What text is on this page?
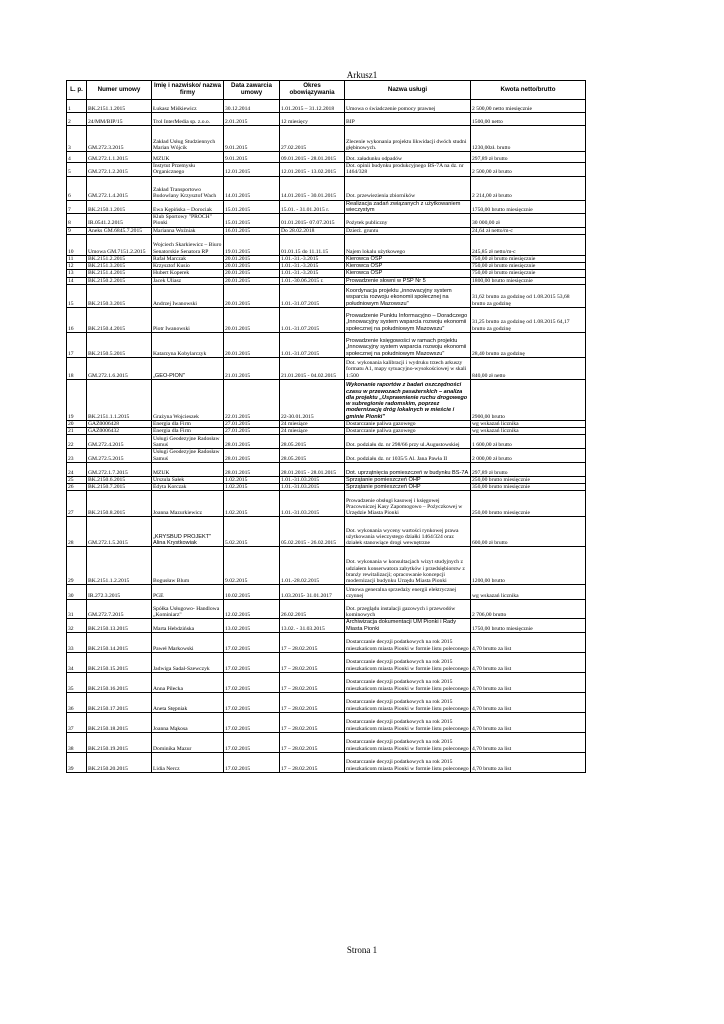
Arkusz1
L. p.	Numer umowy	Imię i nazwisko/ nazwa firmy	Data zawarcia umowy	Okres obowiązywania	Nazwa usługi	Kwota netto/brutto
1	BK.2151.1.2015	Łukasz Miśkiewicz	30.12.2014	1.01.2015 – 31.12.2018	Umowa o świadczenie pomocy prawnej	2 500,00 netto miesięcznie
2	24/MM/BIP/15	Trol InterMedia sp. z.o.o.	2.01.2015	12 miesięcy	BIP	1500,00 netto
3	GM.272.3.2015	Zakład Usług Studziennych Marian Wójcik	9.01.2015	27.02.2015	Zlecenie wykonania projektu likwidacji dwóch studni głębinowych.	1230,00zł. brutto
4	GM.272.1.1.2015	MZUK	9.01.2015	09.01.2015 - 28.01.2015	Dot. załadunku odpadów	297,89 zł brutto
5	GM.272.1.2.2015	Instytut Przemysłu Organicznego	12.01.2015	12.01.2015 - 13.02.2015	Dot. opinii budynku produkcyjnego BS-7A na dz. nr 1464/328	2 500,00 zł brutto
6	GM.272.1.4.2015	Zakład Transportowo Budowlany Krzysztof Wach	14.01.2015	14.01.2015 - 30.01.2015	Dot. przewiezienia zbiorników	2 214,00 zł brutto
7	BK.2150.1.2015	Ewa Kępińska – Dorociak	15.01.2015	15.01. - 31.01.2015 r.	Realizacja zadań związanych z użytkowaniem wieczystym	1750,00 brutto miesięcznie
8	IR.0541.2.2015	Klub Sportowy "PROCH" Pionki	15.01.2015	01.01.2015- 07.07.2015	Pożytek publiczny	30 000,00 zł
9	Aneks GM.6845.7.2015	Marianna Woźniak	16.01.2015	Do 28.02.2018	Dzierż. gruntu	24,64 zł netto/m-c
10	Umowa GM.7151.2.2015	Wojciech Skarkiewicz – Biuro Senatorskie Senatora RP	19.01.2015	01.01.15 do 11.11.15	Najem lokalu użytkowego	245,85 zł netto/m-c
11	BK.2151.2.2015	Rafał Marczak	20.01.2015	1.01.-31.-3.2015	Kierowca OSP	750,00 zł brutto miesięcznie
12	BK.2151.3.2015	Krzysztof Kusio	20.01.2015	1.01.-31.-3.2015	Kierowca OSP	750,00 zł brutto miesięcznie
13	BK.2151.4.2015	Hubert Koperek	20.01.2015	1.01.-31.-3.2015	Kierowca OSP	750,00 zł brutto miesięcznie
14	BK.2150.2.2015	Jacek Uliasz	20.01.2015	1.01.-30.06.2015 r.	Prowadzenie słowni w PSP Nr 5	1800,00 brutto miesięcznie
15	BK.2150.3.2015	Andrzej Iwanowski	20.01.2015	1.01.-31.07.2015	Koordynacja projektu „innowacyjny system wsparcia rozwoju ekonomii społecznej na południowym Mazowszu"	31,62 brutto za godzinę od 1.08.2015 53,68 brutto za godzinę
16	BK.2150.4.2015	Piotr Iwanowski	20.01.2015	1.01.-31.07.2015	Prowadzenie Punktu Informacyjno – Doradczego „Innowacyjny system wsparcia rozwoju ekonomii społecznej na południowym Mazowszu"	31,25 brutto za godzinę od 1.08.2015 64,17 brutto za godzinę
17	BK.2150.5.2015	Katarzyna Kobylarczyk	20.01.2015	1.01.-31.07.2015	Prowadzenie księgowości w ramach projektu „Innowacyjny system wsparcia rozwoju ekonomii społecznej na południowym Mazowszu"	28,40 brutto za godzinę
18	GM.272.1.6.2015	„GEO-PION"	21.01.2015	21.01.2015 - 04.02.2015	Dot. wykonania kalibracji i wydruku trzech arkuszy formatu A1, mapy sytuacyjno-wysokościowej w skali 1:500	840,00 zł netto
19	BK.2151.1.1.2015	Grażyna Wojcieszek	22.01.2015	22-30.01.2015	Wykonanie raportów z badań oszczędności czasu w przewozach pasażerskich – analiza dla projektu „Usprawnienie ruchu drogowego w subregionie radomskim, poprzez modernizację dróg lokalnych w mieście i gminie Pionki"	2900,00 brutto
20	GAZ0006428	Energia dla Firm	27.01.2015	24 miesiące	Dostarczanie paliwa gazowego	wg wskazań licznika
21	GAZ0006432	Energia dla Firm	27.01.2015	24 miesiące	Dostarczanie paliwa gazowego	wg wskazań licznika
22	GM.272.4.2015	Usługi Geodezyjne Radosław Samuś	28.01.2015	28.05.2015	Dot. podziału dz. nr 298/66 przy ul.Augustowskiej	1 600,00 zł brutto
23	GM.272.5.2015	Usługi Geodezyjne Radosław Samuś	28.01.2015	28.05.2015	Dot. podziału dz. nr 1035/5 Al. Jana Pawła II	2 000,00 zł brutto
24	GM.272.1.7.2015	MZUK	28.01.2015	28.01.2015 - 28.01.2015	Dot. uprzątnięcia pomieszczeń w budynku BS-7A	297,89 zł brutto
25	BK.2150.6.2015	Urszula Sałek	1.02.2015	1.01.-31.03.2015	Sprzątanie pomieszczeń OHP	250,00 brutto miesięcznie
26	BK.2150.7.2015	Edyta Korczak	1.02.2015	1.01.-31.03.2015	Sprzątanie pomieszczeń OHP	350,00 brutto miesięcznie
27	BK.2150.8.2015	Joanna Mazurkiewicz	1.02.2015	1.01.-31.03.2015	Prowadzenie obsługi kasowej i księgowej Pracowniczej Kasy Zapomogowo – Pożyczkowej w Urzędzie Miasta Pionki	250,00 brutto miesięcznie
28	GM.272.1.5.2015	„KRYSBUD PROJEKT" Alina Krystkowiak	5.02.2015	05.02.2015 - 26.02.2015	Dot. wykonania wyceny wartości rynkowej prawa użytkowania wieczystego działki 1464/324 oraz działek stanowiące drogi wewnętrzne	600,00 zł brutto
29	BK.2151.1.2.2015	Bogusław Blum	9.02.2015	1.01.-28.02.2015	Dot. wykonania w konsultacjach wizyt studyjnych z udziałem konserwatora zabytków i przedsiębiorstw z branży rewitalizacji; opracowanie koncepcji modernizacji budynku Urzędu Miasta Pionki	1200,00 brutto
30	IR.272.3.2015	PGE	10.02.2015	1.03.2015- 31.01.2017	Umowa generalna sprzedaży energii elektrycznej czynnej	wg wskazań licznika
31	GM.272.7.2015	Spółka Usługowo- Handlowa „Kominiarz"	12.02.2015	26.02.2015	Dot. przeglądu instalacji gazowych i przewodów kominowych	2 706,00 brutto
32	BK.2150.13.2015	Marta Hebdzińska	13.02.2015	13.02. - 31.03.2015	Archiwizacja dokumentacji UM Pionki i Rady Miasta Pionki	1750,00 brutto miesięcznie
33	BK.2150.14.2015	Paweł Markowski	17.02.2015	17 – 28.02.2015	Dostarczanie decyzji podatkowych na rok 2015 mieszkańcom miasta Pionki w formie listu poleconego	4,70 brutto za list
34	BK.2150.15.2015	Jadwiga Sadal-Szewczyk	17.02.2015	17 – 28.02.2015	Dostarczanie decyzji podatkowych na rok 2015 mieszkańcom miasta Pionki w formie listu poleconego	4,70 brutto za list
35	BK.2150.16.2015	Anna Pilecka	17.02.2015	17 – 28.02.2015	Dostarczanie decyzji podatkowych na rok 2015 mieszkańcom miasta Pionki w formie listu poleconego	4,70 brutto za list
36	BK.2150.17.2015	Aneta Stępniak	17.02.2015	17 – 28.02.2015	Dostarczanie decyzji podatkowych na rok 2015 mieszkańcom miasta Pionki w formie listu poleconego	4,70 brutto za list
37	BK.2150.18.2015	Joanna Mąkosa	17.02.2015	17 – 28.02.2015	Dostarczanie decyzji podatkowych na rok 2015 mieszkańcom miasta Pionki w formie listu poleconego	4,70 brutto za list
38	BK.2150.19.2015	Dominika Mazur	17.02.2015	17 – 28.02.2015	Dostarczanie decyzji podatkowych na rok 2015 mieszkańcom miasta Pionki w formie listu poleconego	4,70 brutto za list
39	BK.2150.20.2015	Lidia Nercz	17.02.2015	17 – 28.02.2015	Dostarczanie decyzji podatkowych na rok 2015 mieszkańcom miasta Pionki w formie listu poleconego	4,70 brutto za list
Strona 1
